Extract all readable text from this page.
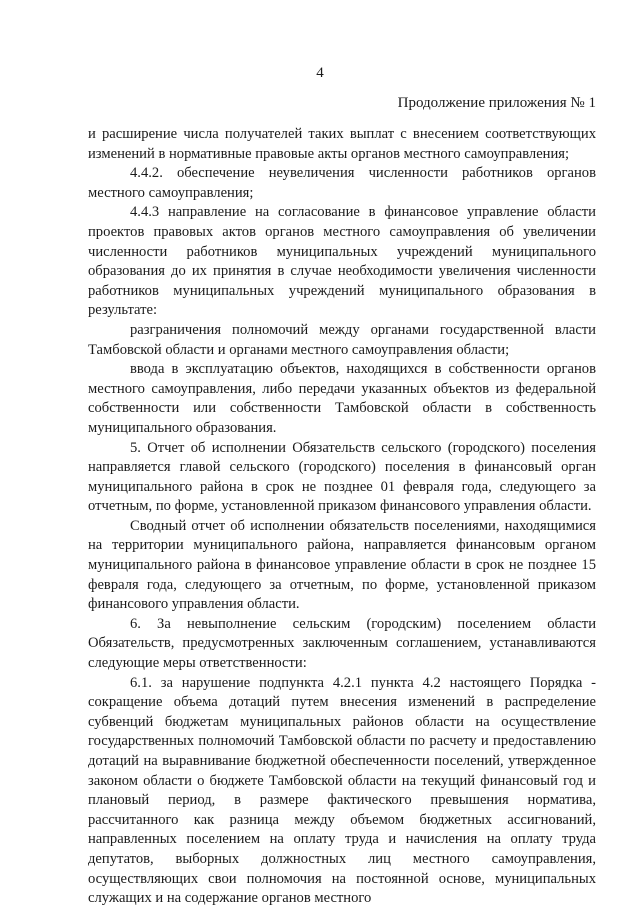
4
Продолжение приложения № 1

и расширение числа получателей таких выплат с внесением соответствующих изменений в нормативные правовые акты органов местного самоуправления;

4.4.2. обеспечение неувеличения численности работников органов местного самоуправления;

4.4.3 направление на согласование в финансовое управление области проектов правовых актов органов местного самоуправления об увеличении численности работников муниципальных учреждений муниципального образования до их принятия в случае необходимости увеличения численности работников муниципальных учреждений муниципального образования в результате:

разграничения полномочий между органами государственной власти Тамбовской области и органами местного самоуправления области;

ввода в эксплуатацию объектов, находящихся в собственности органов местного самоуправления, либо передачи указанных объектов из федеральной собственности или собственности Тамбовской области в собственность муниципального образования.

5. Отчет об исполнении Обязательств сельского (городского) поселения направляется главой сельского (городского) поселения в финансовый орган муниципального района в срок не позднее 01 февраля года, следующего за отчетным, по форме, установленной приказом финансового управления области.

Сводный отчет об исполнении обязательств поселениями, находящимися на территории муниципального района, направляется финансовым органом муниципального района в финансовое управление области в срок не позднее 15 февраля года, следующего за отчетным, по форме, установленной приказом финансового управления области.

6. За невыполнение сельским (городским) поселением области Обязательств, предусмотренных заключенным соглашением, устанавливаются следующие меры ответственности:

6.1. за нарушение подпункта 4.2.1 пункта 4.2 настоящего Порядка - сокращение объема дотаций путем внесения изменений в распределение субвенций бюджетам муниципальных районов области на осуществление государственных полномочий Тамбовской области по расчету и предоставлению дотаций на выравнивание бюджетной обеспеченности поселений, утвержденное законом области о бюджете Тамбовской области на текущий финансовый год и плановый период, в размере фактического превышения норматива, рассчитанного как разница между объемом бюджетных ассигнований, направленных поселением на оплату труда и начисления на оплату труда депутатов, выборных должностных лиц местного самоуправления, осуществляющих свои полномочия на постоянной основе, муниципальных служащих и на содержание органов местного
